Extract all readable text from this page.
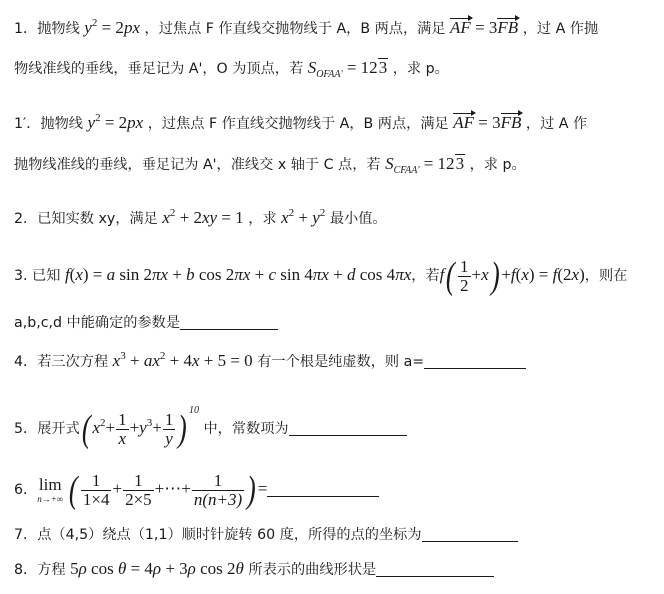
1．抛物线 $y^2 = 2px$ ，过焦点 F 作直线交抛物线于 A，B 两点，满足 AF = 3FB ，过 A 作抛
物线准线的垂线，垂足记为 A'，O 为顶点，若 $S_{OFAA'} = 123$ ，求 p。
1′．抛物线 $y^2 = 2px$ ，过焦点 F 作直线交抛物线于 A，B 两点，满足 AF = 3FB ，过 A 作
抛物线准线的垂线，垂足记为 A'，准线交 x 轴于 C 点，若 $S_{CFAA'} = 123$ ，求 p。
2．已知实数 xy，满足 $x^2 + 2xy = 1$ ，求 $x^2 + y^2$ 最小值。
3. 已知 f(x) = a sin 2πx + b cos 2πx + c sin 4πx + d cos 4πx，若$f( \frac{1}{2} +x) +f(x) = f(2x)$，则在
a,b,c,d 中能确定的参数是
4．若三次方程 $x^3 + ax^2 + 4x + 5 = 0$ 有一个根是纯虚数，则 a=
5．展开式( $x^2+ \frac{1}{x} +y^3+ \frac{1}{y}$ ) $^{10}$ 中，常数项为
6． lim
n→+∞ ( $\frac{1}{1\times 4} + \frac{1}{2\times 5}$ +⋯+ $\frac{1}{n(n+3)}$ ) =
7．点（4,5）绕点（1,1）顺时针旋转 60 度，所得的点的坐标为
8．方程 5ρ cos θ = 4ρ + 3ρ cos 2θ 所表示的曲线形状是
